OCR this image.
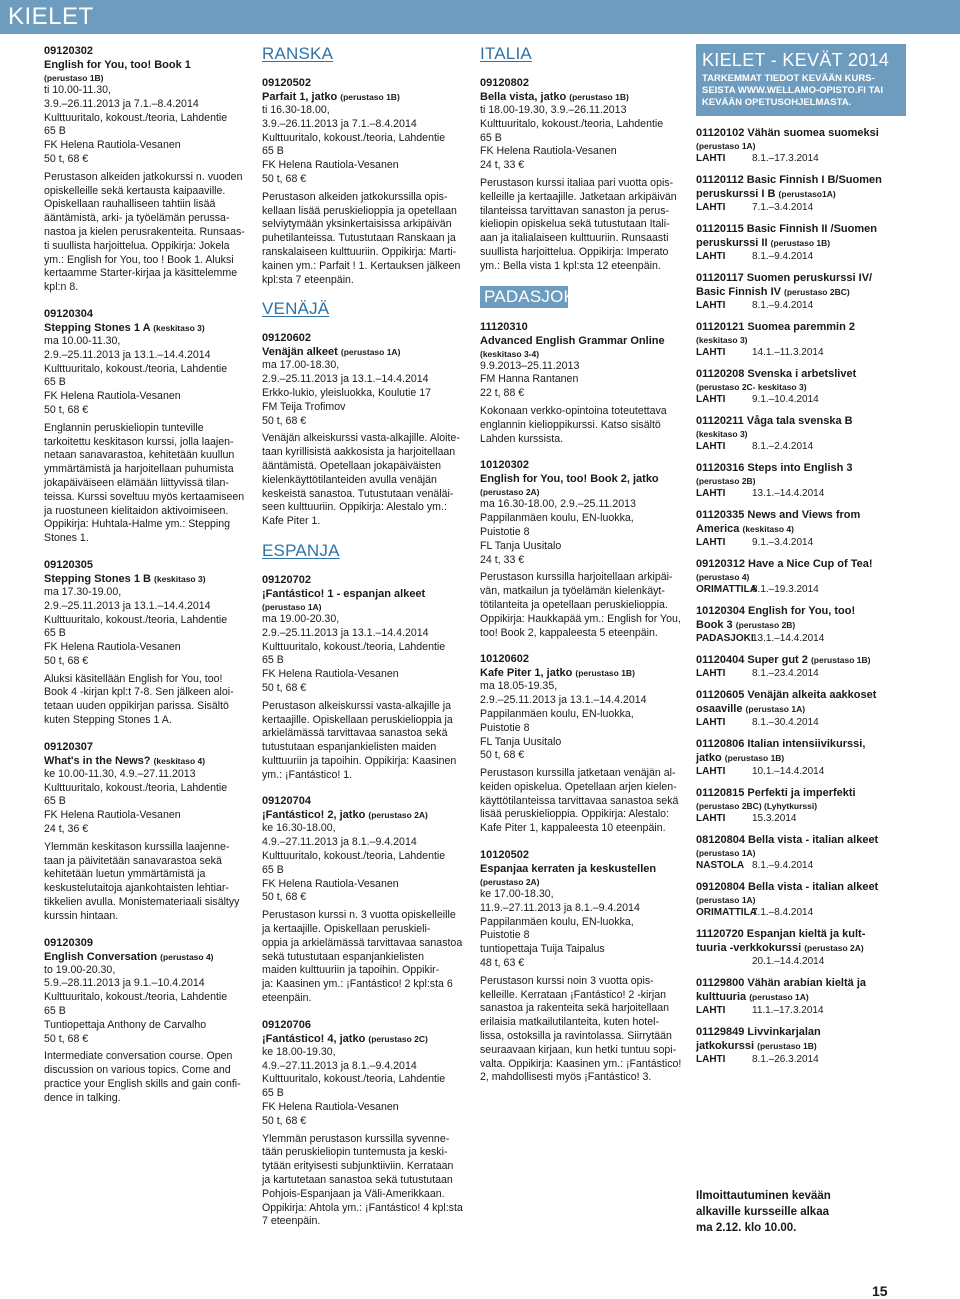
KIELET
09120302
English for You, too! Book 1
(perustaso 1B)
ti 10.00-11.30,
3.9.–26.11.2013 ja 7.1.–8.4.2014
Kulttuuritalo, kokoust./teoria, Lahdentie
65 B
FK Helena Rautiola-Vesanen
50 t, 68 €
Perustason alkeiden jatkokurssi n. vuoden
opiskelleille sekä kertausta kaipaaville.
Opiskellaan rauhalliseen tahtiin lisää
ääntämistä, arki- ja työelämän perussa-
nastoa ja kielen perusrakenteita. Runsaas-
ti suullista harjoittelua. Oppikirja: Jokela
ym.: English for You, too ! Book 1. Aluksi
kertaamme Starter-kirjaa ja käsittelemme
kpl:n 8.
09120304
Stepping Stones 1 A (keskitaso 3)
ma 10.00-11.30,
2.9.–25.11.2013 ja 13.1.–14.4.2014
Kulttuuritalo, kokoust./teoria, Lahdentie
65 B
FK Helena Rautiola-Vesanen
50 t, 68 €
Englannin peruskieliopin tunteville
tarkoitettu keskitason kurssi, jolla laajen-
netaan sanavarastoa, kehitetään kuullun
ymmärtämistä ja harjoitellaan puhumista
jokapäiväiseen elämään liittyvissä tilan-
teissa. Kurssi soveltuu myös kertaamiseen
ja ruostuneen kielitaidon aktivoimiseen.
Oppikirja: Huhtala-Halme ym.: Stepping
Stones 1.
09120305
Stepping Stones 1 B (keskitaso 3)
ma 17.30-19.00,
2.9.–25.11.2013 ja 13.1.–14.4.2014
Kulttuuritalo, kokoust./teoria, Lahdentie
65 B
FK Helena Rautiola-Vesanen
50 t, 68 €
Aluksi käsitellään English for You, too!
Book 4 -kirjan kpl:t 7-8. Sen jälkeen aloi-
tetaan uuden oppikirjan parissa. Sisältö
kuten Stepping Stones 1 A.
09120307
What's in the News? (keskitaso 4)
ke 10.00-11.30, 4.9.–27.11.2013
Kulttuuritalo, kokoust./teoria, Lahdentie
65 B
FK Helena Rautiola-Vesanen
24 t, 36 €
Ylemmän keskitason kurssilla laajenne-
taan ja päivitetään sanavarastoa sekä
kehitetään luetun ymmärtämistä ja
keskustelutaitoja ajankohtaisten lehtiar-
tikkelien avulla. Monistemateriaali sisältyy
kurssin hintaan.
09120309
English Conversation (perustaso 4)
to 19.00-20.30,
5.9.–28.11.2013 ja 9.1.–10.4.2014
Kulttuuritalo, kokoust./teoria, Lahdentie
65 B
Tuntiopettaja Anthony de Carvalho
50 t, 68 €
Intermediate conversation course. Open
discussion on various topics. Come and
practice your English skills and gain confi-
dence in talking.
RANSKA
09120502
Parfait 1, jatko (perustaso 1B)
ti 16.30-18.00,
3.9.–26.11.2013 ja 7.1.–8.4.2014
Kulttuuritalo, kokoust./teoria, Lahdentie
65 B
FK Helena Rautiola-Vesanen
50 t, 68 €
Perustason alkeiden jatkokurssilla opis-
kellaan lisää peruskielioppia ja opetellaan
selviytymään yksinkertaisissa arkipäivän
puhetilanteissa. Tutustutaan Ranskaan ja
ranskalaiseen kulttuuriin. Oppikirja: Marti-
kainen ym.: Parfait ! 1. Kertauksen jälkeen
kpl:sta 7 eteenpäin.
VENÄJÄ
09120602
Venäjän alkeet (perustaso 1A)
ma 17.00-18.30,
2.9.–25.11.2013 ja 13.1.–14.4.2014
Erkko-lukio, yleisluokka, Koulutie 17
FM Teija Trofimov
50 t, 68 €
Venäjän alkeiskurssi vasta-alkajille. Aloite-
taan kyrillisistä aakkosista ja harjoitellaan
ääntämistä. Opetellaan jokapäiväisten
kielenkäyttötilanteiden avulla venäjän
keskeistä sanastoa. Tutustutaan venäläi-
seen kulttuuriin. Oppikirja: Alestalo ym.:
Kafe Piter 1.
ESPANJA
09120702
¡Fantástico! 1 - espanjan alkeet
(perustaso 1A)
ma 19.00-20.30,
2.9.–25.11.2013 ja 13.1.–14.4.2014
Kulttuuritalo, kokoust./teoria, Lahdentie
65 B
FK Helena Rautiola-Vesanen
50 t, 68 €
Perustason alkeiskurssi vasta-alkajille ja
kertaajille. Opiskellaan peruskielioppia ja
arkielämässä tarvittavaa sanastoa sekä
tutustutaan espanjankielisten maiden
kulttuuriin ja tapoihin. Oppikirja: Kaasinen
ym.: ¡Fantástico! 1.
09120704
¡Fantástico! 2, jatko (perustaso 2A)
ke 16.30-18.00,
4.9.–27.11.2013 ja 8.1.–9.4.2014
Kulttuuritalo, kokoust./teoria, Lahdentie
65 B
FK Helena Rautiola-Vesanen
50 t, 68 €
Perustason kurssi n. 3 vuotta opiskelleille
ja kertaajille. Opiskellaan peruskieli-
oppia ja arkielämässä tarvittavaa sanastoa
sekä tutustutaan espanjankielisten
maiden kulttuuriin ja tapoihin. Oppikir-
ja: Kaasinen ym.: ¡Fantástico! 2 kpl:sta 6
eteenpäin.
09120706
¡Fantástico! 4, jatko (perustaso 2C)
ke 18.00-19.30,
4.9.–27.11.2013 ja 8.1.–9.4.2014
Kulttuuritalo, kokoust./teoria, Lahdentie
65 B
FK Helena Rautiola-Vesanen
50 t, 68 €
Ylemmän perustason kurssilla syvenne-
tään peruskieliopin tuntemusta ja keski-
tytään erityisesti subjunktiiviin. Kerrataan
ja kartutetaan sanastoa sekä tutustutaan
Pohjois-Espanjaan ja Väli-Amerikkaan.
Oppikirja: Ahtola ym.: ¡Fantástico! 4 kpl:sta
7 eteenpäin.
ITALIA
09120802
Bella vista, jatko (perustaso 1B)
ti 18.00-19.30, 3.9.–26.11.2013
Kulttuuritalo, kokoust./teoria, Lahdentie
65 B
FK Helena Rautiola-Vesanen
24 t, 33 €
Perustason kurssi italiaa pari vuotta opis-
kelleille ja kertaajille. Jatketaan arkipäivän
tilanteissa tarvittavan sanaston ja perus-
kieliopin opiskelua sekä tutustutaan Itali-
aan ja italialaiseen kulttuuriin. Runsaasti
suullista harjoittelua. Oppikirja: Imperato
ym.: Bella vista 1 kpl:sta 12 eteenpäin.
PADASJOKI
11120310
Advanced English Grammar Online
(keskitaso 3-4)
9.9.2013–25.11.2013
FM Hanna Rantanen
22 t, 88 €
Kokonaan verkko-opintoina toteutettava
englannin kielioppikurssi. Katso sisältö
Lahden kurssista.
10120302
English for You, too! Book 2, jatko
(perustaso 2A)
ma 16.30-18.00, 2.9.–25.11.2013
Pappilanmäen koulu, EN-luokka,
Puistotie 8
FL Tanja Uusitalo
24 t, 33 €
Perustason kurssilla harjoitellaan arkipäi-
vän, matkailun ja työelämän kielenkäyt-
tötilanteita ja opetellaan peruskielioppia.
Oppikirja: Haukkapää ym.: English for You,
too! Book 2, kappaleesta 5 eteenpäin.
10120602
Kafe Piter 1, jatko (perustaso 1B)
ma 18.05-19.35,
2.9.–25.11.2013 ja 13.1.–14.4.2014
Pappilanmäen koulu, EN-luokka,
Puistotie 8
FL Tanja Uusitalo
50 t, 68 €
Perustason kurssilla jatketaan venäjän al-
keiden opiskelua. Opetellaan arjen kielen-
käyttötilanteissa tarvittavaa sanastoa sekä
lisää peruskielioppia. Oppikirja: Alestalo:
Kafe Piter 1, kappaleesta 10 eteenpäin.
10120502
Espanjaa kerraten ja keskustellen
(perustaso 2A)
ke 17.00-18.30,
11.9.–27.11.2013 ja 8.1.–9.4.2014
Pappilanmäen koulu, EN-luokka,
Puistotie 8
tuntiopettaja Tuija Taipalus
48 t, 63 €
Perustason kurssi noin 3 vuotta opis-
kelleille. Kerrataan ¡Fantástico! 2 -kirjan
sanastoa ja rakenteita sekä harjoitellaan
erilaisia matkailutilanteita, kuten hotel-
lissa, ostoksilla ja ravintolassa. Siirrytään
seuraavaan kirjaan, kun hetki tuntuu sopi-
valta. Oppikirja: Kaasinen ym.: ¡Fantástico!
2, mahdollisesti myös ¡Fantástico! 3.
KIELET - KEVÄT 2014
TARKEMMAT TIEDOT KEVÄÄN KURS-
SEISTA WWW.WELLAMO-OPISTO.FI TAI
KEVÄÄN OPETUSOHJELMASTA.
01120102 Vähän suomea suomeksi
(perustaso 1A)
LAHTI	8.1.–17.3.2014
01120112 Basic Finnish I B/Suomen
peruskurssi I B (perustaso1A)
LAHTI	7.1.–3.4.2014
01120115 Basic Finnish II /Suomen
peruskurssi II (perustaso 1B)
LAHTI	8.1.–9.4.2014
01120117 Suomen peruskurssi IV/
Basic Finnish IV (perustaso 2BC)
LAHTI	8.1.–9.4.2014
01120121 Suomea paremmin 2
(keskitaso 3)
LAHTI	14.1.–11.3.2014
01120208 Svenska i arbetslivet
(perustaso 2C- keskitaso 3)
LAHTI	9.1.–10.4.2014
01120211 Våga tala svenska B
(keskitaso 3)
LAHTI	8.1.–2.4.2014
01120316 Steps into English 3
(perustaso 2B)
LAHTI	13.1.–14.4.2014
01120335 News and Views from
America (keskitaso 4)
LAHTI	9.1.–3.4.2014
09120312 Have a Nice Cup of Tea!
(perustaso 4)
ORIMATTILA8.1.–19.3.2014
10120304 English for You, too!
Book 3 (perustaso 2B)
PADASJOKI13.1.–14.4.2014
01120404 Super gut 2 (perustaso 1B)
LAHTI	8.1.–23.4.2014
01120605 Venäjän alkeita aakkoset
osaaville (perustaso 1A)
LAHTI	8.1.–30.4.2014
01120806 Italian intensiivikurssi,
jatko (perustaso 1B)
LAHTI	10.1.–14.4.2014
01120815 Perfekti ja imperfekti
(perustaso 2BC) (Lyhytkurssi)
LAHTI	15.3.2014
08120804 Bella vista - italian alkeet
(perustaso 1A)
NASTOLA 8.1.–9.4.2014
09120804 Bella vista - italian alkeet
(perustaso 1A)
ORIMATTILA7.1.–8.4.2014
11120720 Espanjan kieltä ja kult-
tuuria -verkkokurssi (perustaso 2A)
20.1.–14.4.2014
01129800 Vähän arabian kieltä ja
kulttuuria (perustaso 1A)
LAHTI	11.1.–17.3.2014
01129849 Livvinkarjalan
jatkokurssi (perustaso 1B)
LAHTI	8.1.–26.3.2014
Ilmoittautuminen kevään
alkaville kursseille alkaa
ma 2.12. klo 10.00.
15
